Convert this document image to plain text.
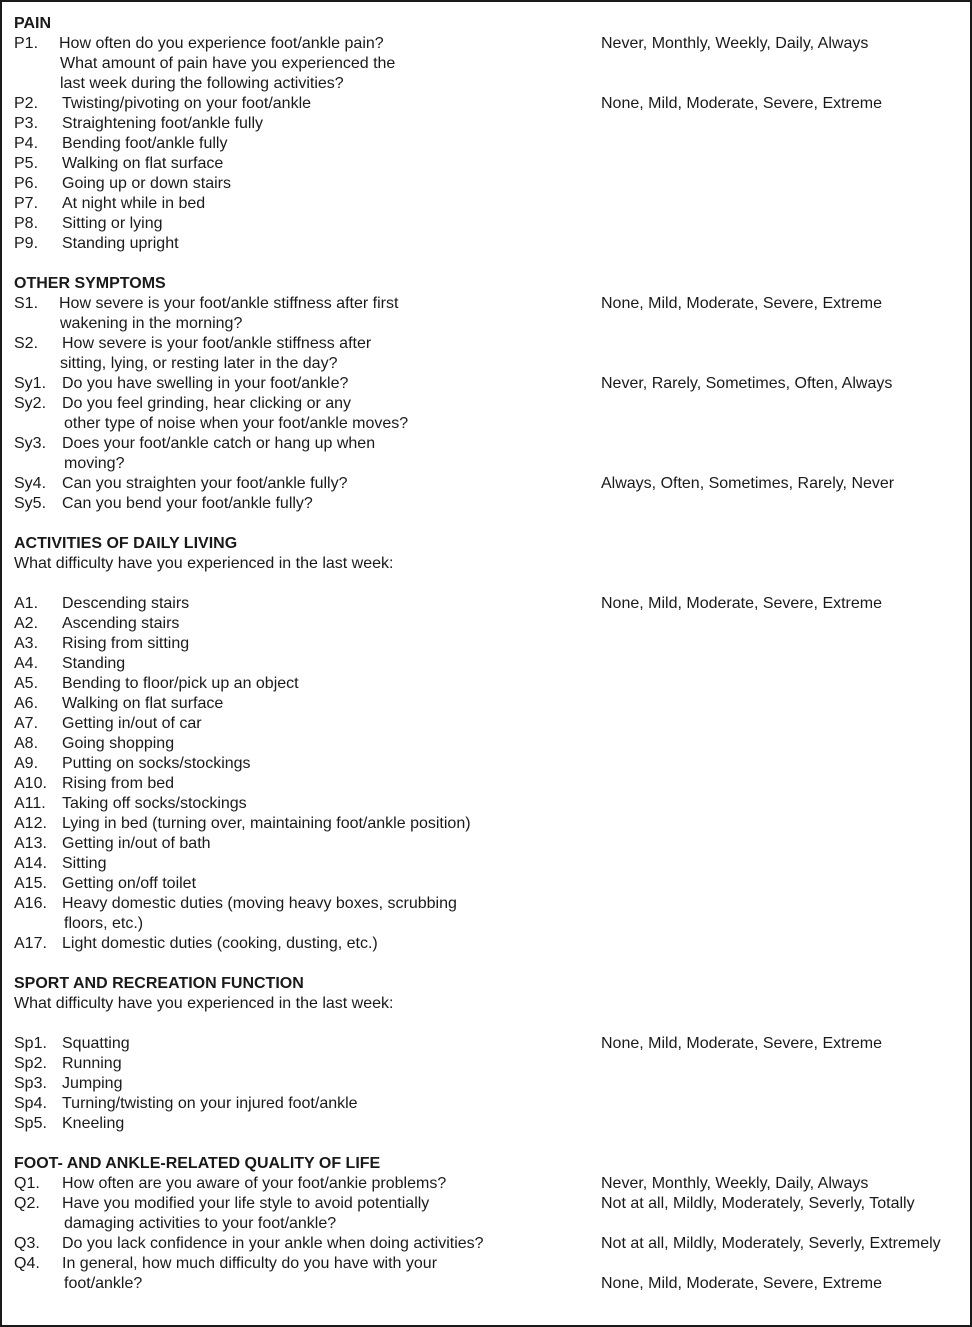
PAIN
P1. How often do you experience foot/ankle pain?	Never, Monthly, Weekly, Daily, Always
What amount of pain have you experienced the
last week during the following activities?
P2. Twisting/pivoting on your foot/ankle	None, Mild, Moderate, Severe, Extreme
P3. Straightening foot/ankle fully
P4. Bending foot/ankle fully
P5. Walking on flat surface
P6. Going up or down stairs
P7. At night while in bed
P8. Sitting or lying
P9. Standing upright
OTHER SYMPTOMS
S1. How severe is your foot/ankle stiffness after first	None, Mild, Moderate, Severe, Extreme
wakening in the morning?
S2. How severe is your foot/ankle stiffness after
sitting, lying, or resting later in the day?
Sy1. Do you have swelling in your foot/ankle?	Never, Rarely, Sometimes, Often, Always
Sy2. Do you feel grinding, hear clicking or any
other type of noise when your foot/ankle moves?
Sy3. Does your foot/ankle catch or hang up when
moving?
Sy4. Can you straighten your foot/ankle fully?	Always, Often, Sometimes, Rarely, Never
Sy5. Can you bend your foot/ankle fully?
ACTIVITIES OF DAILY LIVING
What difficulty have you experienced in the last week:
A1. Descending stairs	None, Mild, Moderate, Severe, Extreme
A2. Ascending stairs
A3. Rising from sitting
A4. Standing
A5. Bending to floor/pick up an object
A6. Walking on flat surface
A7. Getting in/out of car
A8. Going shopping
A9. Putting on socks/stockings
A10. Rising from bed
A11. Taking off socks/stockings
A12. Lying in bed (turning over, maintaining foot/ankle position)
A13. Getting in/out of bath
A14. Sitting
A15. Getting on/off toilet
A16. Heavy domestic duties (moving heavy boxes, scrubbing
floors, etc.)
A17. Light domestic duties (cooking, dusting, etc.)
SPORT AND RECREATION FUNCTION
What difficulty have you experienced in the last week:
Sp1. Squatting	None, Mild, Moderate, Severe, Extreme
Sp2. Running
Sp3. Jumping
Sp4. Turning/twisting on your injured foot/ankle
Sp5. Kneeling
FOOT- AND ANKLE-RELATED QUALITY OF LIFE
Q1. How often are you aware of your foot/ankie problems?	Never, Monthly, Weekly, Daily, Always
Q2. Have you modified your life style to avoid potentially	Not at all, Mildly, Moderately, Severly, Totally
damaging activities to your foot/ankle?
Q3. Do you lack confidence in your ankle when doing activities?	Not at all, Mildly, Moderately, Severly, Extremely
Q4. In general, how much difficulty do you have with your
foot/ankle?	None, Mild, Moderate, Severe, Extreme
